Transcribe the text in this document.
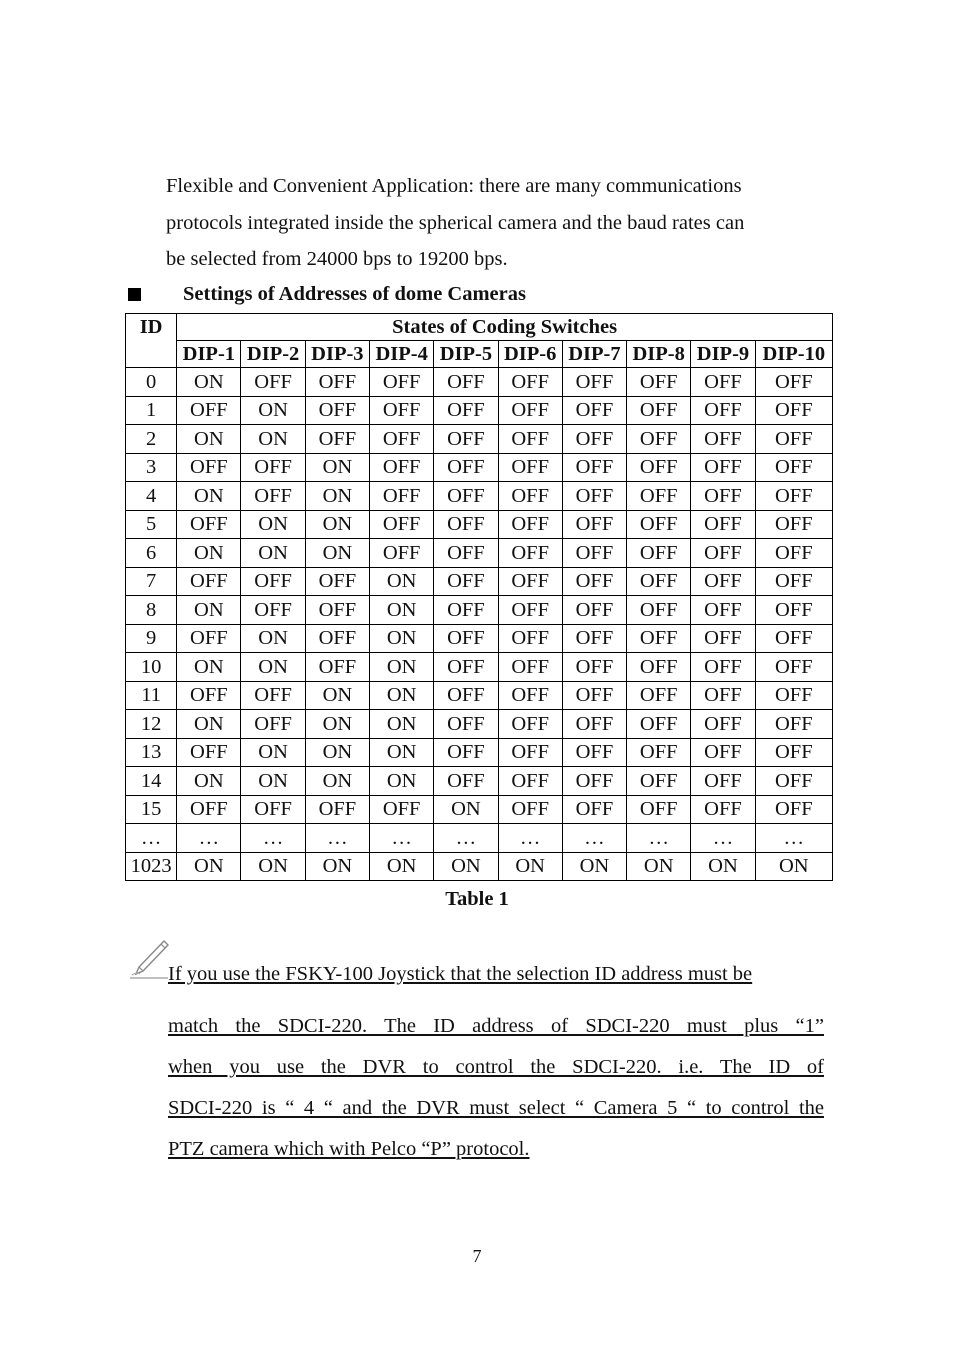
Flexible and Convenient Application: there are many communications
protocols integrated inside the spherical camera and the baud rates can
be selected from 24000 bps to 19200 bps.
Settings of Addresses of dome Cameras
ID	States of Coding Switches									
	DIP-1	DIP-2	DIP-3	DIP-4	DIP-5	DIP-6	DIP-7	DIP-8	DIP-9	DIP-10
0	ON	OFF	OFF	OFF	OFF	OFF	OFF	OFF	OFF	OFF
1	OFF	ON	OFF	OFF	OFF	OFF	OFF	OFF	OFF	OFF
2	ON	ON	OFF	OFF	OFF	OFF	OFF	OFF	OFF	OFF
3	OFF	OFF	ON	OFF	OFF	OFF	OFF	OFF	OFF	OFF
4	ON	OFF	ON	OFF	OFF	OFF	OFF	OFF	OFF	OFF
5	OFF	ON	ON	OFF	OFF	OFF	OFF	OFF	OFF	OFF
6	ON	ON	ON	OFF	OFF	OFF	OFF	OFF	OFF	OFF
7	OFF	OFF	OFF	ON	OFF	OFF	OFF	OFF	OFF	OFF
8	ON	OFF	OFF	ON	OFF	OFF	OFF	OFF	OFF	OFF
9	OFF	ON	OFF	ON	OFF	OFF	OFF	OFF	OFF	OFF
10	ON	ON	OFF	ON	OFF	OFF	OFF	OFF	OFF	OFF
11	OFF	OFF	ON	ON	OFF	OFF	OFF	OFF	OFF	OFF
12	ON	OFF	ON	ON	OFF	OFF	OFF	OFF	OFF	OFF
13	OFF	ON	ON	ON	OFF	OFF	OFF	OFF	OFF	OFF
14	ON	ON	ON	ON	OFF	OFF	OFF	OFF	OFF	OFF
15	OFF	OFF	OFF	OFF	ON	OFF	OFF	OFF	OFF	OFF
…	…	…	…	…	…	…	…	…	…	…
1023	ON	ON	ON	ON	ON	ON	ON	ON	ON	ON
Table 1
If you use the FSKY-100 Joystick that the selection ID address must be
match the SDCI-220. The ID address of SDCI-220 must plus “1”
when you use the DVR to control the SDCI-220. i.e. The ID of
SDCI-220 is “ 4 “ and the DVR must select “ Camera 5 “ to control the
PTZ camera which with Pelco “P” protocol.
7
